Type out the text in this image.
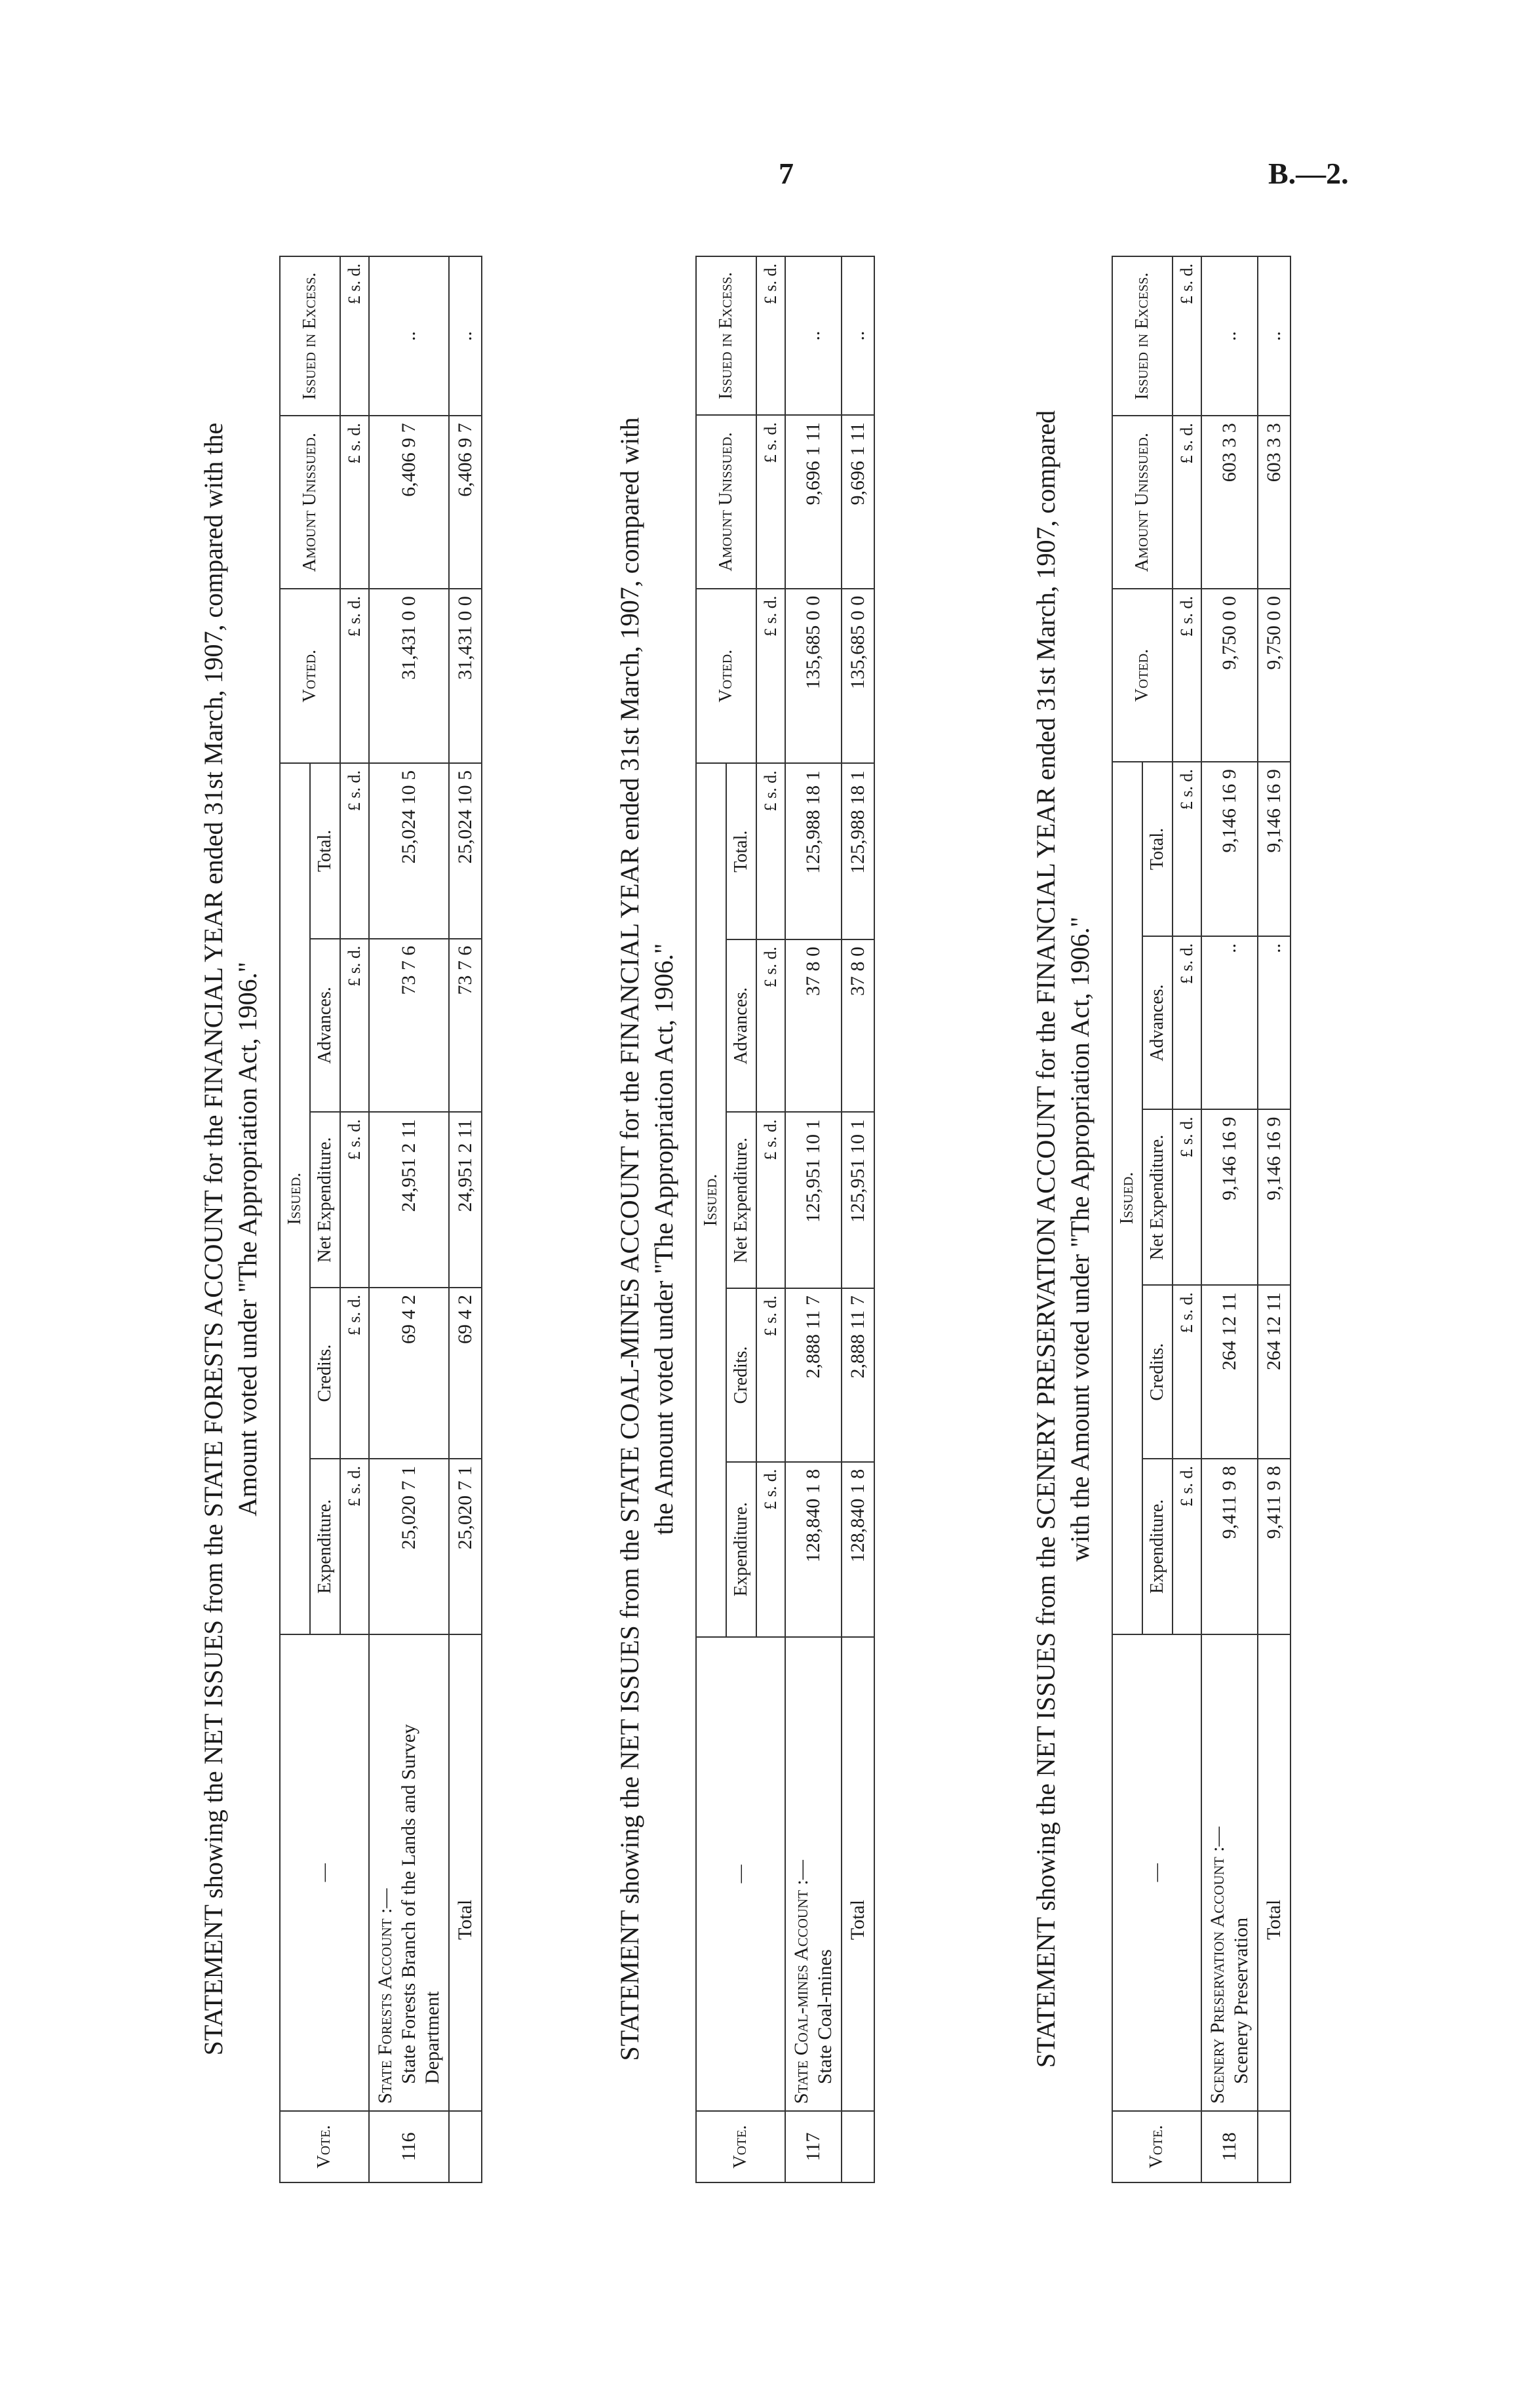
7	B.—2.
STATEMENT showing the NET ISSUES from the STATE FORESTS ACCOUNT for the FINANCIAL YEAR ended 31st March, 1907, compared with the Amount voted under "The Appropriation Act, 1906."
Vote.	—	Issued.					Voted.	Amount Unissued.	Issued in Excess.
		Expenditure.	Credits.	Net Expenditure.	Advances.	Total.			
		£ s. d.	£ s. d.	£ s. d.	£ s. d.	£ s. d.	£ s. d.	£ s. d.	£ s. d.
116	State Forests Account :— State Forests Branch of the Lands and Survey Department	25,020 7 1	69 4 2	24,951 2 11	73 7 6	25,024 10 5	31,431 0 0	6,406 9 7	..
	Total	25,020 7 1	69 4 2	24,951 2 11	73 7 6	25,024 10 5	31,431 0 0	6,406 9 7	..
STATEMENT showing the NET ISSUES from the STATE COAL-MINES ACCOUNT for the FINANCIAL YEAR ended 31st March, 1907, compared with the Amount voted under "The Appropriation Act, 1906."
Vote.	—	Issued.					Voted.	Amount Unissued.	Issued in Excess.
		Expenditure.	Credits.	Net Expenditure.	Advances.	Total.			
		£ s. d.	£ s. d.	£ s. d.	£ s. d.	£ s. d.	£ s. d.	£ s. d.	£ s. d.
117	State Coal-mines Account :— State Coal-mines	128,840 1 8	2,888 11 7	125,951 10 1	37 8 0	125,988 18 1	135,685 0 0	9,696 1 11	..
	Total	128,840 1 8	2,888 11 7	125,951 10 1	37 8 0	125,988 18 1	135,685 0 0	9,696 1 11	..
STATEMENT showing the NET ISSUES from the SCENERY PRESERVATION ACCOUNT for the FINANCIAL YEAR ended 31st March, 1907, compared with the Amount voted under "The Appropriation Act, 1906."
Vote.	—	Issued.					Voted.	Amount Unissued.	Issued in Excess.
		Expenditure.	Credits.	Net Expenditure.	Advances.	Total.			
		£ s. d.	£ s. d.	£ s. d.	£ s. d.	£ s. d.	£ s. d.	£ s. d.	£ s. d.
118	Scenery Preservation Account :— Scenery Preservation	9,411 9 8	264 12 11	9,146 16 9	..	9,146 16 9	9,750 0 0	603 3 3	..
	Total	9,411 9 8	264 12 11	9,146 16 9	..	9,146 16 9	9,750 0 0	603 3 3	..
